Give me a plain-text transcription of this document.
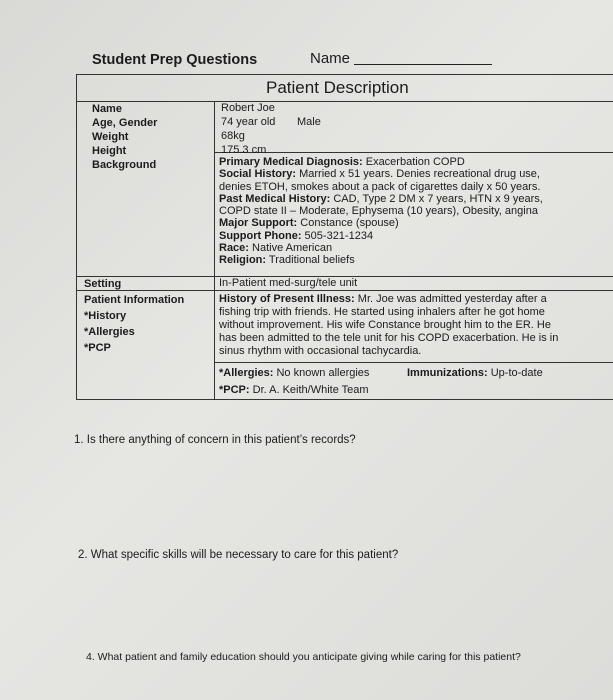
Student Prep Questions	Name
Patient Description
Name
Age, Gender
Weight
Height
Background
Setting
Patient Information
*History
*Allergies
*PCP
Robert Joe
74 year old Male
68kg
175.3 cm
Primary Medical Diagnosis: Exacerbation COPD
Social History: Married x 51 years. Denies recreational drug use,
denies ETOH, smokes about a pack of cigarettes daily x 50 years.
Past Medical History: CAD, Type 2 DM x 7 years, HTN x 9 years,
COPD state II – Moderate, Ephysema (10 years), Obesity, angina
Major Support: Constance (spouse)
Support Phone: 505-321-1234
Race: Native American
Religion: Traditional beliefs
In-Patient med-surg/tele unit
History of Present Illness: Mr. Joe was admitted yesterday after a
fishing trip with friends. He started using inhalers after he got home
without improvement. His wife Constance brought him to the ER. He
has been admitted to the tele unit for his COPD exacerbation. He is in
sinus rhythm with occasional tachycardia.
*Allergies: No known allergies	Immunizations: Up-to-date
*PCP: Dr. A. Keith/White Team
1. Is there anything of concern in this patient’s records?
2. What specific skills will be necessary to care for this patient?
4. What patient and family education should you anticipate giving while caring for this patient?
